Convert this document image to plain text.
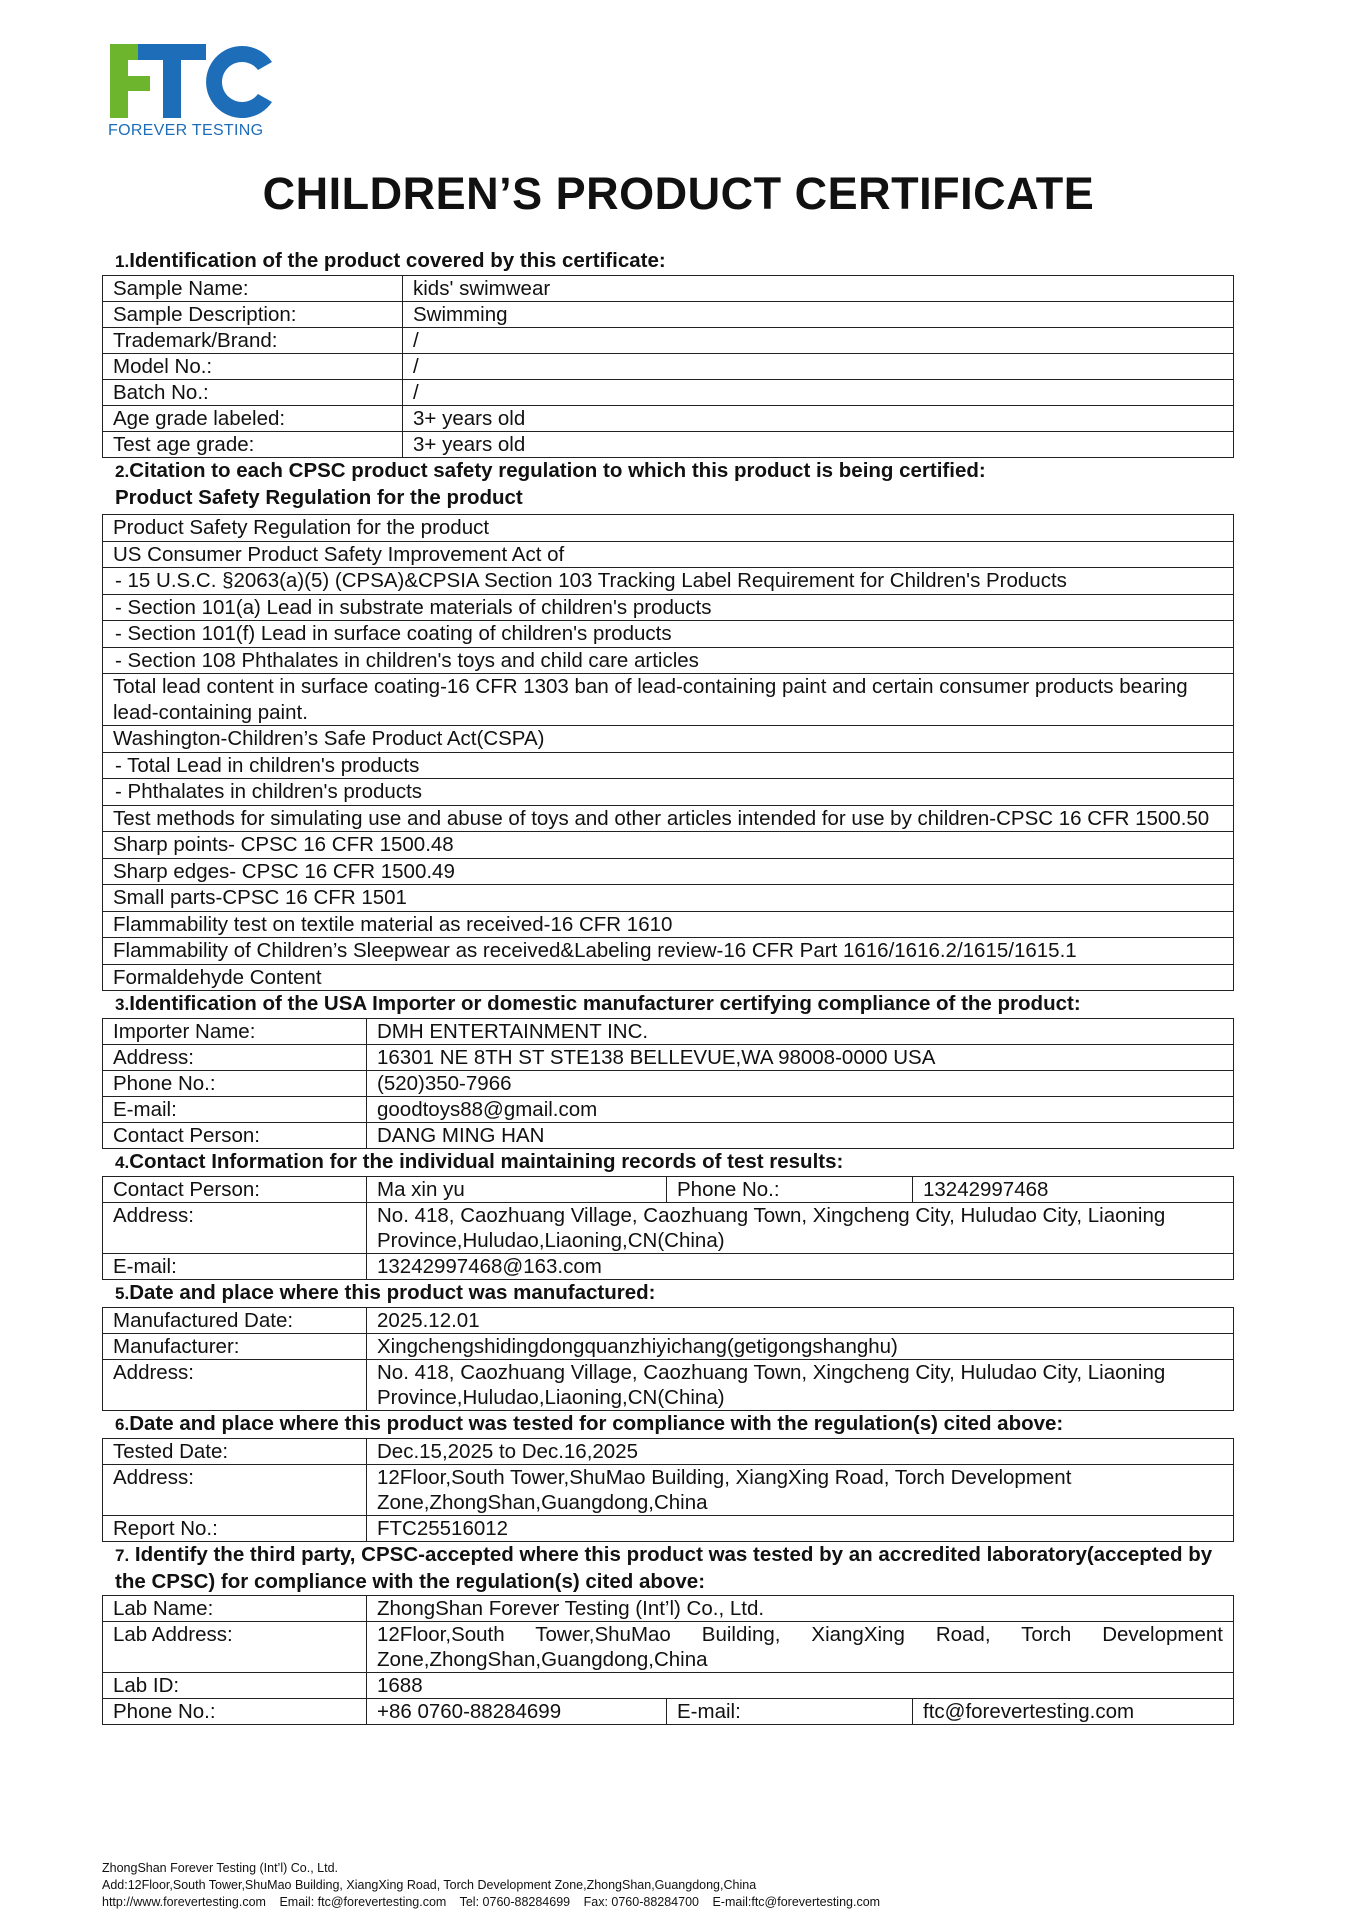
FOREVER TESTING
CHILDREN’S PRODUCT CERTIFICATE
1.Identification of the product covered by this certificate:
Sample Name:	kids' swimwear
Sample Description:	Swimming
Trademark/Brand:	/
Model No.:	/
Batch No.:	/
Age grade labeled:	3+ years old
Test age grade:	3+ years old
2.Citation to each CPSC product safety regulation to which this product is being certified:
Product Safety Regulation for the product
Product Safety Regulation for the product
US Consumer Product Safety Improvement Act of
- 15 U.S.C. §2063(a)(5) (CPSA)&CPSIA Section 103 Tracking Label Requirement for Children's Products
- Section 101(a) Lead in substrate materials of children's products
- Section 101(f) Lead in surface coating of children's products
- Section 108 Phthalates in children's toys and child care articles
Total lead content in surface coating-16 CFR 1303 ban of lead-containing paint and certain consumer products bearing lead-containing paint.
Washington-Children’s Safe Product Act(CSPA)
- Total Lead in children's products
- Phthalates in children's products
Test methods for simulating use and abuse of toys and other articles intended for use by children-CPSC 16 CFR 1500.50
Sharp points- CPSC 16 CFR 1500.48
Sharp edges- CPSC 16 CFR 1500.49
Small parts-CPSC 16 CFR 1501
Flammability test on textile material as received-16 CFR 1610
Flammability of Children’s Sleepwear as received&Labeling review-16 CFR Part 1616/1616.2/1615/1615.1
Formaldehyde Content
3.Identification of the USA Importer or domestic manufacturer certifying compliance of the product:
Importer Name:	DMH ENTERTAINMENT INC.
Address:	16301 NE 8TH ST STE138 BELLEVUE,WA 98008-0000 USA
Phone No.:	(520)350-7966
E-mail:	goodtoys88@gmail.com
Contact Person:	DANG MING HAN
4.Contact Information for the individual maintaining records of test results:
Contact Person:	Ma xin yu	Phone No.:	13242997468
Address:	No. 418, Caozhuang Village, Caozhuang Town, Xingcheng City, Huludao City, Liaoning Province,Huludao,Liaoning,CN(China)		
E-mail:	13242997468@163.com		
5.Date and place where this product was manufactured:
Manufactured Date:	2025.12.01
Manufacturer:	Xingchengshidingdongquanzhiyichang(getigongshanghu)
Address:	No. 418, Caozhuang Village, Caozhuang Town, Xingcheng City, Huludao City, Liaoning Province,Huludao,Liaoning,CN(China)
6.Date and place where this product was tested for compliance with the regulation(s) cited above:
Tested Date:	Dec.15,2025 to Dec.16,2025
Address:	12Floor,South Tower,ShuMao Building, XiangXing Road, Torch Development Zone,ZhongShan,Guangdong,China
Report No.:	FTC25516012
7. Identify the third party, CPSC-accepted where this product was tested by an accredited laboratory(accepted by the CPSC) for compliance with the regulation(s) cited above:
Lab Name:	ZhongShan Forever Testing (Int’l) Co., Ltd.		
Lab Address:	12Floor,South Tower,ShuMao Building, XiangXing Road, Torch Development Zone,ZhongShan,Guangdong,China		
Lab ID:	1688		
Phone No.:	+86 0760-88284699	E-mail:	ftc@forevertesting.com
ZhongShan Forever Testing (Int’l) Co., Ltd.
Add:12Floor,South Tower,ShuMao Building, XiangXing Road, Torch Development Zone,ZhongShan,Guangdong,China
http://www.forevertesting.com Email: ftc@forevertesting.com Tel: 0760-88284699 Fax: 0760-88284700 E-mail:ftc@forevertesting.com
